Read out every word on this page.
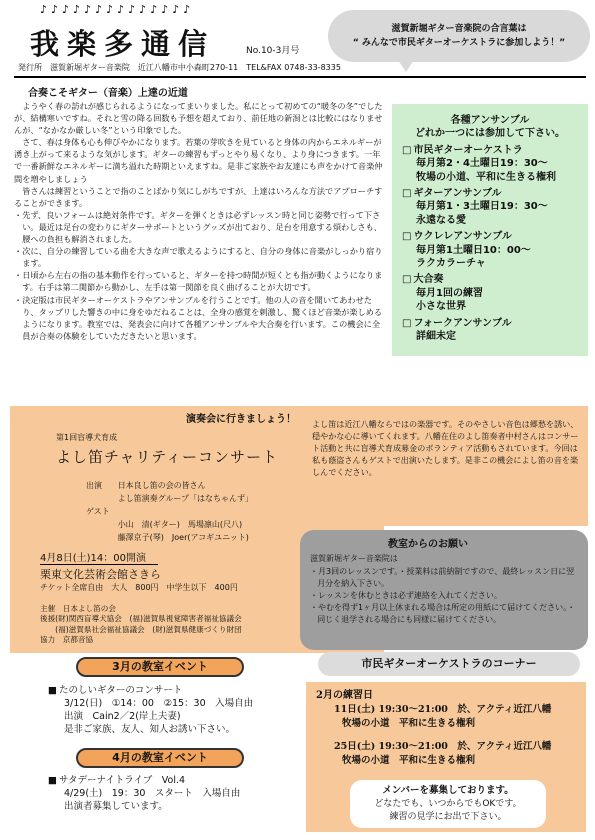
♪♪♪♪♪♪♪♪♪♪♪♪♪♪
我楽多通信	No.10-3月号
滋賀新堀ギター音楽院の合言葉は
“ みんなで市民ギターオーケストラに参加しよう！”
発行所　滋賀新堀ギター音楽院　近江八幡市中小森町270-11　TEL&FAX 0748-33-8335
合奏こそギター（音楽）上達の近道

ようやく春の訪れが感じられるようになってまいりました。私にとって初めての“暖冬の冬”でしたが、結構寒いですね。それと雪の降る回数も予想を超えており、前任地の新潟とは比較にはなりませんが、“なかなか厳しい冬”という印象でした。

さて、春は身体も心も伸びやかになります。若葉の芽吹きを見ていると身体の内からエネルギーが湧き上がって来るような気がします。ギターの練習もずっとやり易くなり、より身につきます。一年で一番新鮮なエネルギーに満ち溢れた時期といえますね。是非ご家族やお友達にも声をかけて音楽仲間を増やしましょう

皆さんは練習ということで指のことばかり気にしがちですが、上達はいろんな方法でアプローチすることができます。

・先ず、良いフォームは絶対条件です。ギターを弾くときは必ずレッスン時と同じ姿勢で行って下さい。最近は足台の変わりにギターサポートというグッズが出ており、足台を用意する煩わしさも、腰への負担も解消されました。
・次に、自分の練習している曲を大きな声で歌えるようにすると、自分の身体に音楽がしっかり宿ります。
・日頃から左右の指の基本動作を行っていると、ギターを持つ時間が短くとも指が動くようになります。右手は第二関節から動かし、左手は第一関節を良く曲げることが大切です。
・決定版は市民ギターオーケストラやアンサンブルを行うことです。他の人の音を聞いてあわせたり、タップリした響きの中に身をゆだねることは、全身の感覚を刺激し、驚くほど音楽が楽しめるようになります。教室では、発表会に向けて各種アンサンブルや大合奏を行います。この機会に全員が合奏の体験をしていただきたいと思います。
各種アンサンブル
どれか一つには参加して下さい。
□ 市民ギターオーケストラ
毎月第2・4土曜日19：30～
牧場の小道、平和に生きる権利
□ ギターアンサンブル
毎月第1・3土曜日19：30～
永遠なる愛
□ ウクレレアンサンブル
毎月第1土曜日10：00～
ラクカラーチャ
□ 大合奏
毎月1回の練習
小さな世界
□ フォークアンサンブル
詳細未定
演奏会に行きましょう！
第1回盲導犬育成
よし笛チャリティーコンサート
出演	日本良し笛の会の皆さん
	よし笛演奏グループ「はなちゃんず」
ゲスト	
	小山　清(ギター)　馬場凛山(尺八)
	藤澤京子(琴)　Joer(アコギユニット)
4月8日(土)14：00開演
栗東文化芸術会館さきら
チケット全席自由　大人　800円　中学生以下　400円
主催　日本よし笛の会
後援(財)関西盲導犬協会　(福)滋賀県視覚障害者福祉協議会
　　(福)滋賀県社会福祉協議会　(財)滋賀県健康づくり財団
協力　京都音協
よし笛は近江八幡ならではの楽器です。そのやさしい音色は郷愁を誘い、穏やかな心に導いてくれます。八幡在住のよし笛奏者中村さんはコンサート活動と共に盲導犬育成募金のボランティア活動もされています。今回は私も蔭盗さんもゲストで出演いたします。是非この機会によし笛の音を楽しんでください。
教室からのお願い
滋賀新堀ギター音楽院は
・月3回のレッスンです。・授業料は前納制ですので、最終レッスン日に翌月分を納入下さい。
・レッスンを休むときは必ず連絡を入れてください。
・やむを得ず1ヶ月以上休まれる場合は所定の用紙にて届けてください。・同じく退学される場合にも同様に届けてください。
3月の教室イベント
■ たのしいギターのコンサート
3/12(日)　①14：00　②15：30　入場自由
出演　Cain2／2(岸上夫妻)
是非ご家族、友人、知人お誘い下さい。
4月の教室イベント
■ サタデーナイトライブ　Vol.4
4/29(土)　19：30　スタート　入場自由
出演者募集しています。
市民ギターオーケストラのコーナー
2月の練習日
11日(土) 19:30～21:00　於、アクティ近江八幡
牧場の小道　平和に生きる権利
25日(土) 19:30～21:00　於、アクティ近江八幡
牧場の小道　平和に生きる権利
メンバーを募集しております。
どなたでも、いつからでもOKです。
練習の見学にお出で下さい。
